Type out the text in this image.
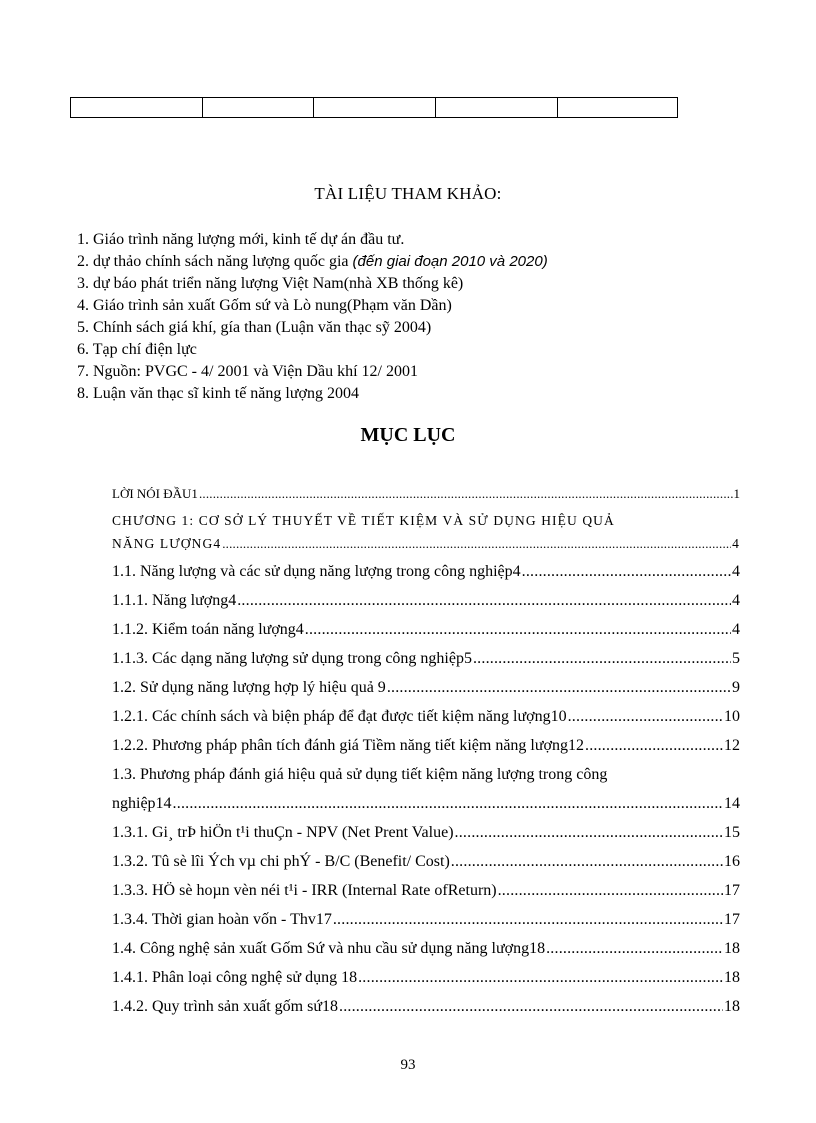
TÀI LIỆU THAM KHẢO:
1. Giáo trình năng lượng mới, kinh tế dự án đầu tư.
2. dự thảo chính sách năng lượng quốc gia (đến giai đoạn 2010 và 2020)
3. dự báo phát triển năng lượng Việt Nam(nhà XB thống kê)
4. Giáo trình sản xuất Gốm sứ và Lò nung(Phạm văn Dần)
5. Chính sách giá khí, gía than (Luận văn thạc sỹ 2004)
6. Tạp chí điện lực
7. Nguồn: PVGC - 4/ 2001 và Viện Dầu khí 12/ 2001
8. Luận văn thạc sĩ kinh tế năng lượng 2004
MỤC LỤC
LỜI NÓI ĐẦU1 .....	1
CHƯƠNG 1: CƠ SỞ LÝ THUYẾT VỀ TIẾT KIỆM VÀ SỬ DỤNG HIỆU QUẢ
NĂNG LƯỢNG4 .....	4
1.1. Năng lượng và các sử dụng năng lượng trong công nghiệp4 .....	4
1.1.1. Năng lượng4 .....	4
1.1.2. Kiểm toán năng lượng4 .....	4
1.1.3. Các dạng năng lượng sử dụng trong công nghiệp5 .....	5
1.2. Sử dụng năng lượng hợp lý hiệu quả 9 .....	9
1.2.1. Các chính sách và biện pháp để đạt được tiết kiệm năng lượng10 .....	10
1.2.2. Phương pháp phân tích đánh giá Tiềm năng tiết kiệm năng lượng12 .....	12
1.3. Phương pháp đánh giá hiệu quả sử dụng tiết kiệm năng lượng trong công
nghiệp14 .....	14
1.3.1. Gi¸ trÞ hiÖn t¹i thuÇn - NPV (Net Prent Value) .....	15
1.3.2. Tû sè lîi Ých vµ chi phÝ - B/C (Benefit/ Cost) .....	16
1.3.3. HÖ sè hoµn vèn néi t¹i - IRR (Internal Rate ofReturn) .....	17
1.3.4. Thời gian hoàn vốn - Thv17 .....	17
1.4. Công nghệ sản xuất Gốm Sứ và nhu cầu sử dụng năng lượng18 .....	18
1.4.1. Phân loại công nghệ sử dụng 18 .....	18
1.4.2. Quy trình sản xuất gốm sứ18 .....	18
93
